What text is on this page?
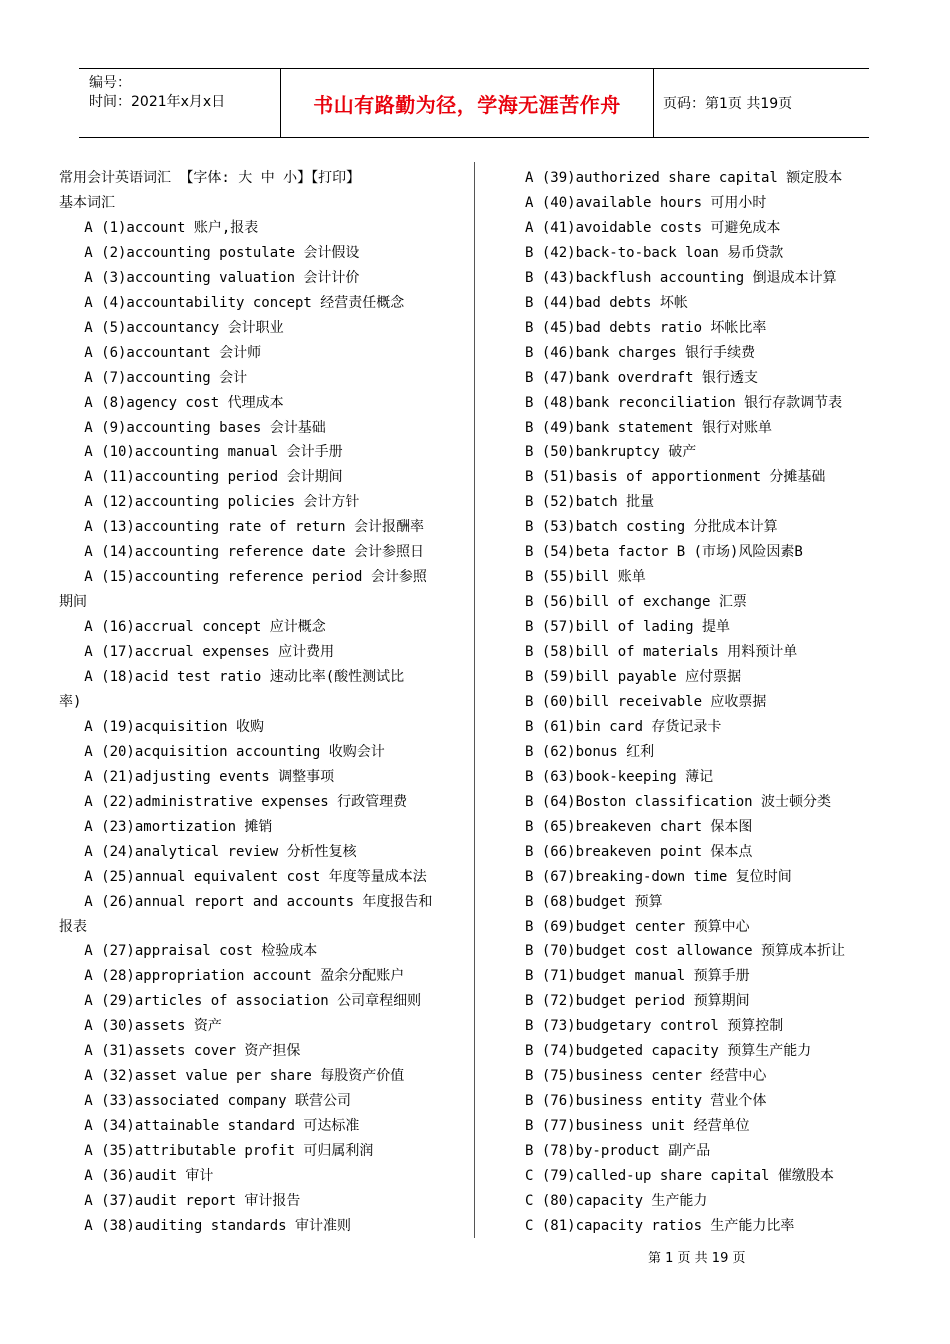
编号：
时间：2021年x月x日	书山有路勤为径，学海无涯苦作舟	页码：第1页 共19页
常用会计英语词汇 【字体: 大 中 小】【打印】
基本词汇
A (1)account 账户,报表
A (2)accounting postulate 会计假设
A (3)accounting valuation 会计计价
A (4)accountability concept 经营责任概念
A (5)accountancy 会计职业
A (6)accountant 会计师
A (7)accounting 会计
A (8)agency cost 代理成本
A (9)accounting bases 会计基础
A (10)accounting manual 会计手册
A (11)accounting period 会计期间
A (12)accounting policies 会计方针
A (13)accounting rate of return 会计报酬率
A (14)accounting reference date 会计参照日
A (15)accounting reference period 会计参照
期间
A (16)accrual concept 应计概念
A (17)accrual expenses 应计费用
A (18)acid test ratio 速动比率(酸性测试比
率)
A (19)acquisition 收购
A (20)acquisition accounting 收购会计
A (21)adjusting events 调整事项
A (22)administrative expenses 行政管理费
A (23)amortization 摊销
A (24)analytical review 分析性复核
A (25)annual equivalent cost 年度等量成本法
A (26)annual report and accounts 年度报告和
报表
A (27)appraisal cost 检验成本
A (28)appropriation account 盈余分配账户
A (29)articles of association 公司章程细则
A (30)assets 资产
A (31)assets cover 资产担保
A (32)asset value per share 每股资产价值
A (33)associated company 联营公司
A (34)attainable standard 可达标准
A (35)attributable profit 可归属利润
A (36)audit 审计
A (37)audit report 审计报告
A (38)auditing standards 审计准则
A (39)authorized share capital 额定股本
A (40)available hours 可用小时
A (41)avoidable costs 可避免成本
B (42)back-to-back loan 易币贷款
B (43)backflush accounting 倒退成本计算
B (44)bad debts 坏帐
B (45)bad debts ratio 坏帐比率
B (46)bank charges 银行手续费
B (47)bank overdraft 银行透支
B (48)bank reconciliation 银行存款调节表
B (49)bank statement 银行对账单
B (50)bankruptcy 破产
B (51)basis of apportionment 分摊基础
B (52)batch 批量
B (53)batch costing 分批成本计算
B (54)beta factor B (市场)风险因素B
B (55)bill 账单
B (56)bill of exchange 汇票
B (57)bill of lading 提单
B (58)bill of materials 用料预计单
B (59)bill payable 应付票据
B (60)bill receivable 应收票据
B (61)bin card 存货记录卡
B (62)bonus 红利
B (63)book-keeping 薄记
B (64)Boston classification 波士顿分类
B (65)breakeven chart 保本图
B (66)breakeven point 保本点
B (67)breaking-down time 复位时间
B (68)budget 预算
B (69)budget center 预算中心
B (70)budget cost allowance 预算成本折让
B (71)budget manual 预算手册
B (72)budget period 预算期间
B (73)budgetary control 预算控制
B (74)budgeted capacity 预算生产能力
B (75)business center 经营中心
B (76)business entity 营业个体
B (77)business unit 经营单位
B (78)by-product 副产品
C (79)called-up share capital 催缴股本
C (80)capacity 生产能力
C (81)capacity ratios 生产能力比率
第 1 页 共 19 页
